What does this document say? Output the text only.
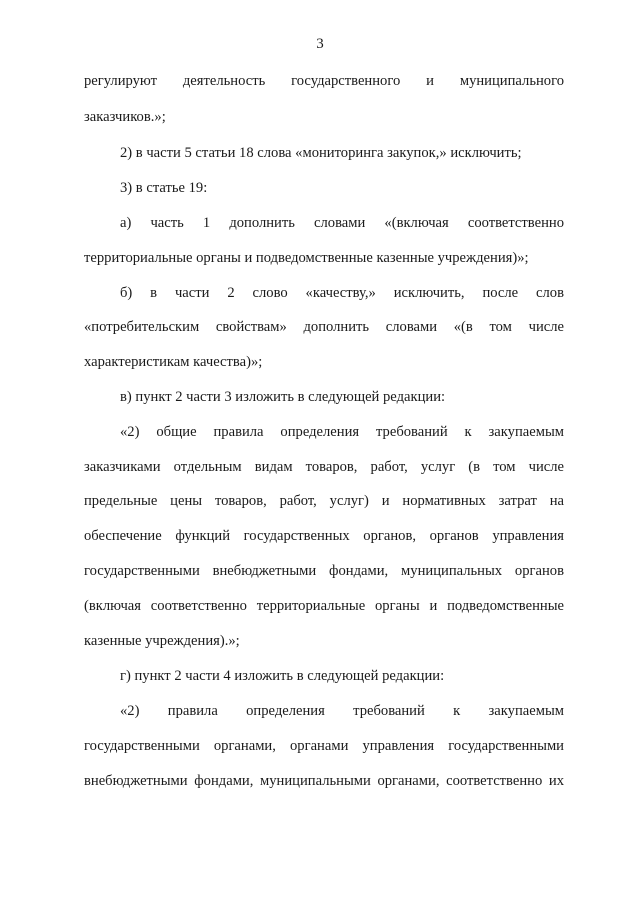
3
регулируют деятельность государственного и муниципального
заказчиков.»;
2) в части 5 статьи 18 слова «мониторинга закупок,» исключить;
3) в статье 19:
а) часть 1 дополнить словами «(включая соответственно
территориальные органы и подведомственные казенные учреждения)»;
б) в части 2 слово «качеству,» исключить, после слов
«потребительским свойствам» дополнить словами «(в том числе
характеристикам качества)»;
в) пункт 2 части 3 изложить в следующей редакции:
«2) общие правила определения требований к закупаемым
заказчиками отдельным видам товаров, работ, услуг (в том числе
предельные цены товаров, работ, услуг) и нормативных затрат на
обеспечение функций государственных органов, органов управления
государственными внебюджетными фондами, муниципальных органов
(включая соответственно территориальные органы и подведомственные
казенные учреждения).»;
г) пункт 2 части 4 изложить в следующей редакции:
«2) правила определения требований к закупаемым
государственными органами, органами управления государственными
внебюджетными фондами, муниципальными органами, соответственно их
